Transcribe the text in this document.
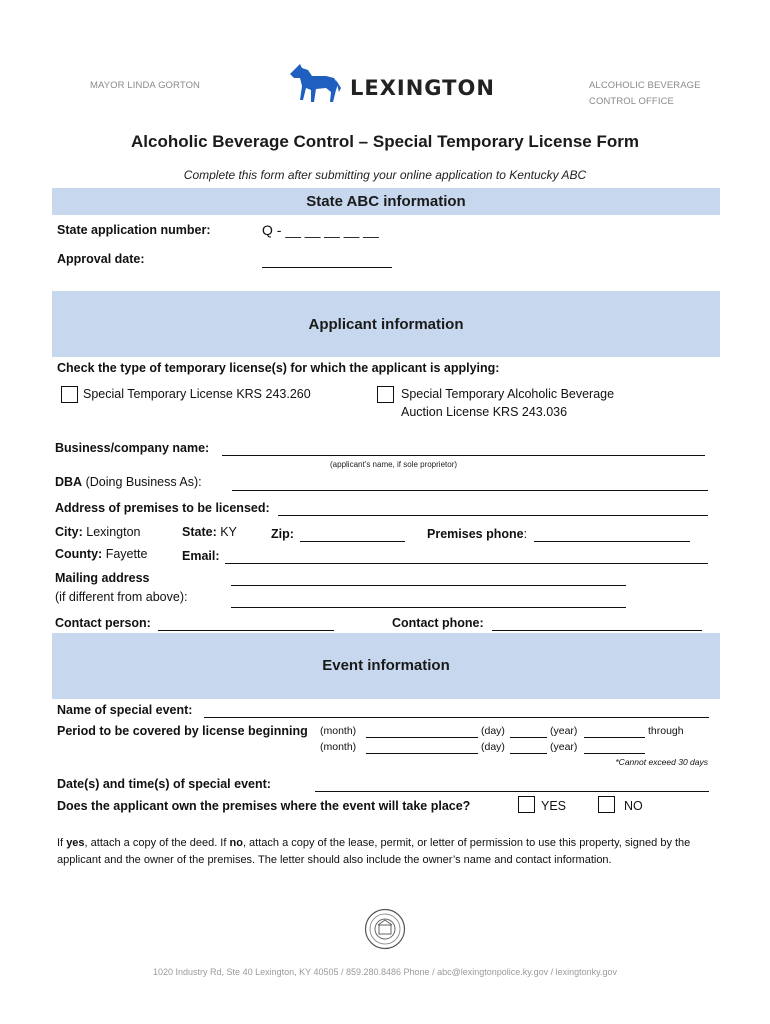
MAYOR LINDA GORTON	LEXINGTON	ALCOHOLIC BEVERAGE
CONTROL OFFICE
Alcoholic Beverage Control – Special Temporary License Form
Complete this form after submitting your online application to Kentucky ABC
State ABC information
State application number:	Q - __ __ __ __ __
Approval date:
Applicant information
Check the type of temporary license(s) for which the applicant is applying:
Special Temporary License KRS 243.260	Special Temporary Alcoholic Beverage
Auction License KRS 243.036
Business/company name:
(applicant’s name, if sole proprietor)
DBA (Doing Business As):
Address of premises to be licensed:
City: Lexington	State: KY	Zip:	Premises phone:
County: Fayette	Email:
Mailing address
(if different from above):
Contact person:	Contact phone:
Event information
Name of special event:
Period to be covered by license beginning (month)	(day)	(year)	through
(month)	(day)	(year)
*Cannot exceed 30 days
Date(s) and time(s) of special event:
Does the applicant own the premises where the event will take place?	YES	NO
If yes, attach a copy of the deed. If no, attach a copy of the lease, permit, or letter of permission to use this property, signed by the applicant and the owner of the premises. The letter should also include the owner’s name and contact information.
1020 Industry Rd, Ste 40 Lexington, KY 40505 / 859.280.8486 Phone / abc@lexingtonpolice.ky.gov / lexingtonky.gov
